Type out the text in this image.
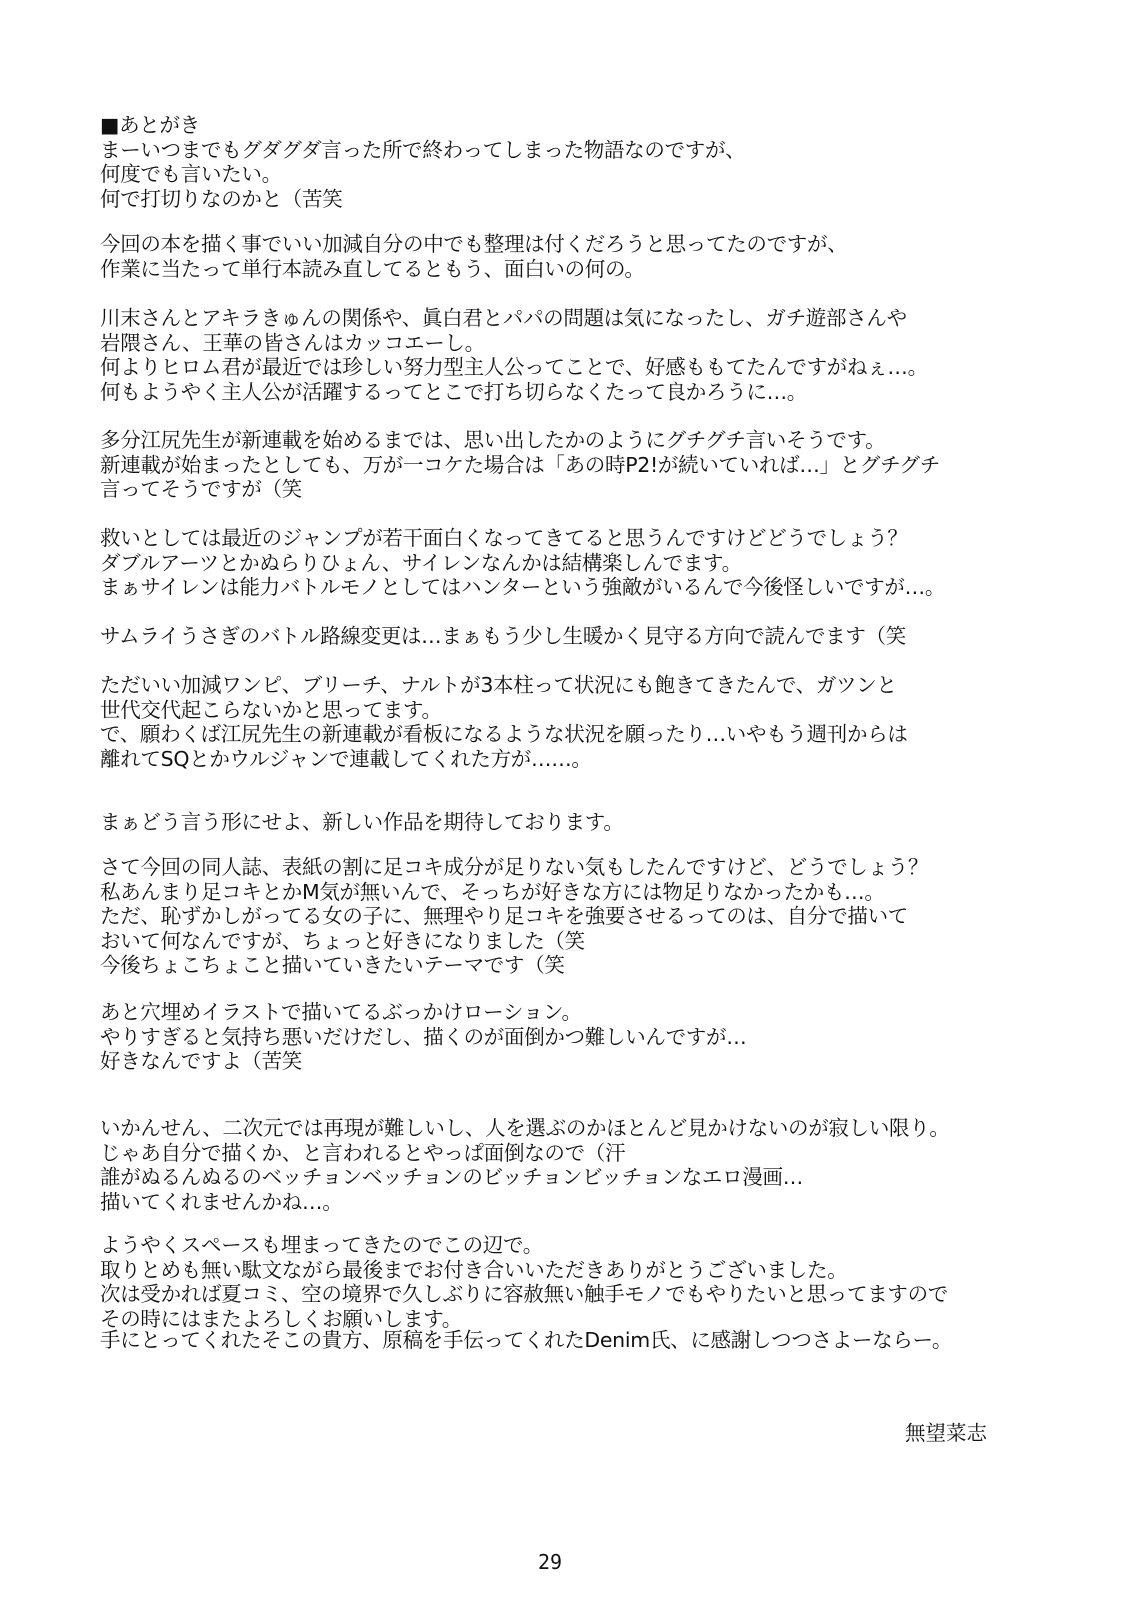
■あとがき
まーいつまでもグダグダ言った所で終わってしまった物語なのですが、
何度でも言いたい。
何で打切りなのかと（苦笑
今回の本を描く事でいい加減自分の中でも整理は付くだろうと思ってたのですが、
作業に当たって単行本読み直してるともう、面白いの何の。
川末さんとアキラきゅんの関係や、眞白君とパパの問題は気になったし、ガチ遊部さんや
岩隈さん、王華の皆さんはカッコエーし。
何よりヒロム君が最近では珍しい努力型主人公ってことで、好感ももてたんですがねぇ…。
何もようやく主人公が活躍するってとこで打ち切らなくたって良かろうに…。
多分江尻先生が新連載を始めるまでは、思い出したかのようにグチグチ言いそうです。
新連載が始まったとしても、万が一コケた場合は「あの時P2!が続いていれば…」とグチグチ
言ってそうですが（笑
救いとしては最近のジャンプが若干面白くなってきてると思うんですけどどうでしょう？
ダブルアーツとかぬらりひょん、サイレンなんかは結構楽しんでます。
まぁサイレンは能力バトルモノとしてはハンターという強敵がいるんで今後怪しいですが…。
サムライうさぎのバトル路線変更は…まぁもう少し生暖かく見守る方向で読んでます（笑
ただいい加減ワンピ、ブリーチ、ナルトが3本柱って状況にも飽きてきたんで、ガツンと
世代交代起こらないかと思ってます。
で、願わくば江尻先生の新連載が看板になるような状況を願ったり…いやもう週刊からは
離れてSQとかウルジャンで連載してくれた方が……。
まぁどう言う形にせよ、新しい作品を期待しております。
さて今回の同人誌、表紙の割に足コキ成分が足りない気もしたんですけど、どうでしょう？
私あんまり足コキとかM気が無いんで、そっちが好きな方には物足りなかったかも…。
ただ、恥ずかしがってる女の子に、無理やり足コキを強要させるってのは、自分で描いて
おいて何なんですが、ちょっと好きになりました（笑
今後ちょこちょこと描いていきたいテーマです（笑
あと穴埋めイラストで描いてるぶっかけローション。
やりすぎると気持ち悪いだけだし、描くのが面倒かつ難しいんですが…
好きなんですよ（苦笑
いかんせん、二次元では再現が難しいし、人を選ぶのかほとんど見かけないのが寂しい限り。
じゃあ自分で描くか、と言われるとやっぱ面倒なので（汗
誰がぬるんぬるのベッチョンベッチョンのビッチョンビッチョンなエロ漫画…
描いてくれませんかね…。
ようやくスペースも埋まってきたのでこの辺で。
取りとめも無い駄文ながら最後までお付き合いいただきありがとうございました。
次は受かれば夏コミ、空の境界で久しぶりに容赦無い触手モノでもやりたいと思ってますので
その時にはまたよろしくお願いします。
手にとってくれたそこの貴方、原稿を手伝ってくれたDenim氏、に感謝しつつさよーならー。
無望菜志
29
